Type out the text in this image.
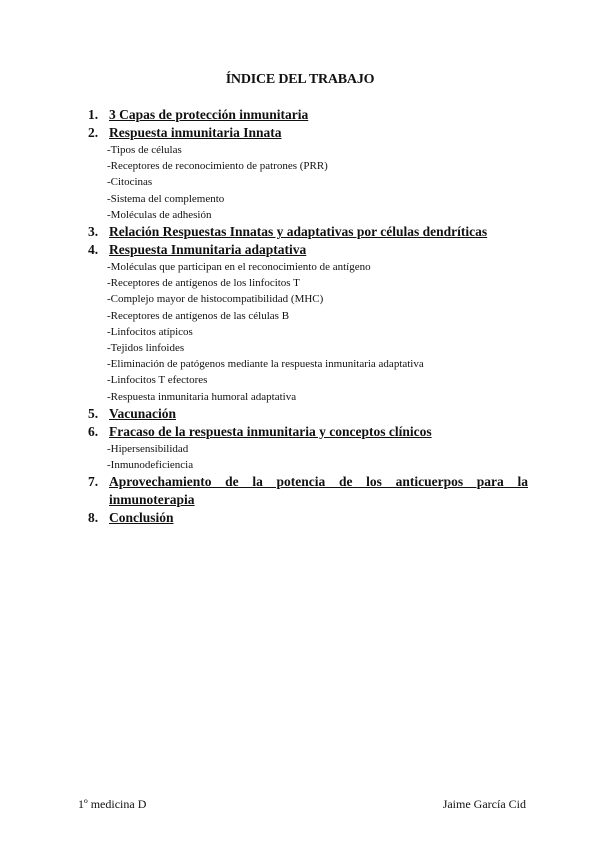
ÍNDICE DEL TRABAJO
1. 3 Capas de protección inmunitaria
2. Respuesta inmunitaria Innata
-Tipos de células
-Receptores de reconocimiento de patrones (PRR)
-Citocinas
-Sistema del complemento
-Moléculas de adhesión
3. Relación Respuestas Innatas y adaptativas por células dendríticas
4. Respuesta Inmunitaria adaptativa
-Moléculas que participan en el reconocimiento de antígeno
-Receptores de antígenos de los linfocitos T
-Complejo mayor de histocompatibilidad (MHC)
-Receptores de antígenos de las células B
-Linfocitos atípicos
-Tejidos linfoides
-Eliminación de patógenos mediante la respuesta inmunitaria adaptativa
-Linfocitos T efectores
-Respuesta inmunitaria humoral adaptativa
5. Vacunación
6. Fracaso de la respuesta inmunitaria y conceptos clínicos
-Hipersensibilidad
-Inmunodeficiencia
7. Aprovechamiento de la potencia de los anticuerpos para la
inmunoterapia
8. Conclusión
1º medicina D	Jaime García Cid
